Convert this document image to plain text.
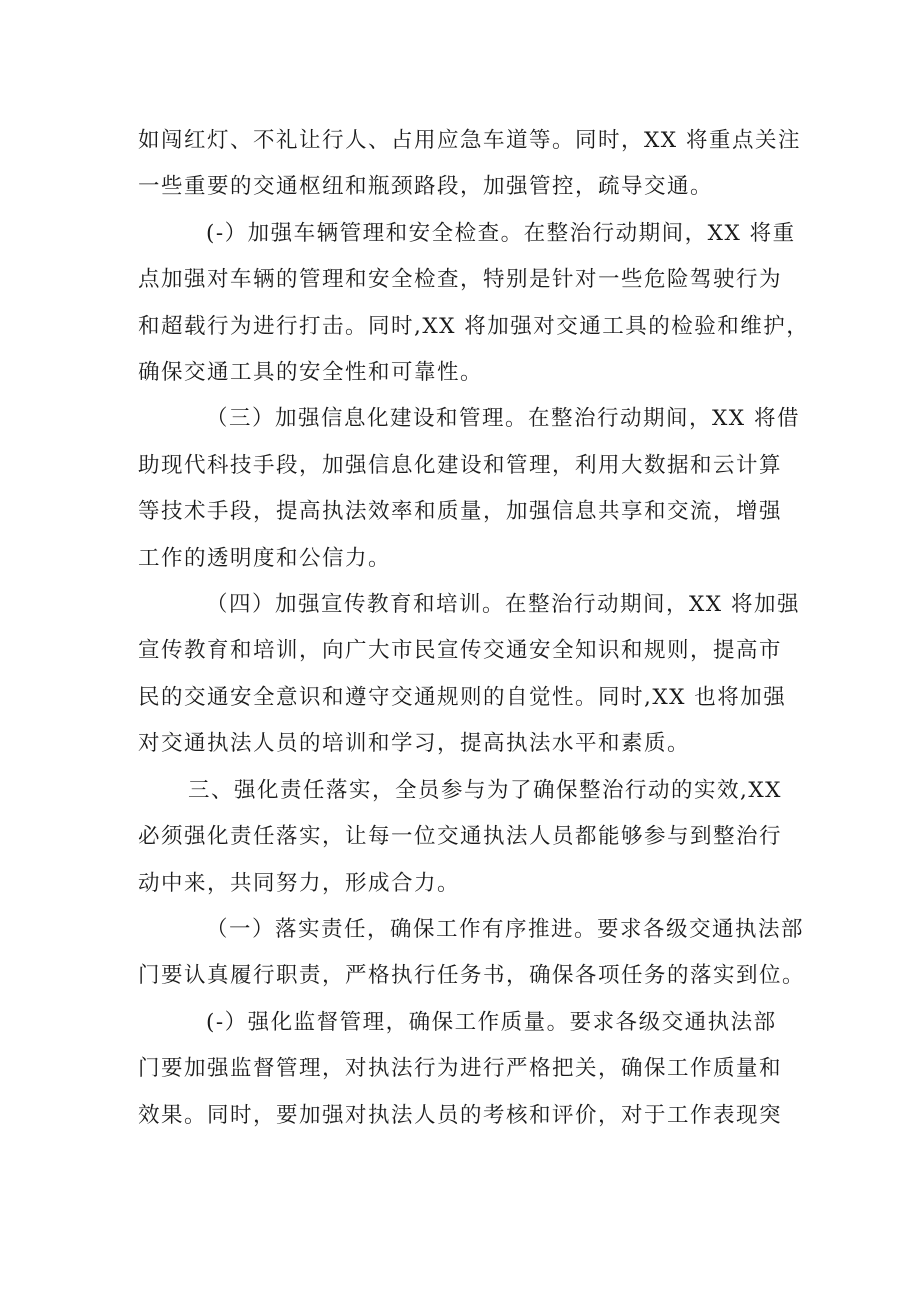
如闯红灯、不礼让行人、占用应急车道等。同时，XX 将重点关注
一些重要的交通枢纽和瓶颈路段，加强管控，疏导交通。
(-）加强车辆管理和安全检查。在整治行动期间，XX 将重
点加强对车辆的管理和安全检查，特别是针对一些危险驾驶行为
和超载行为进行打击。同时,XX 将加强对交通工具的检验和维护，
确保交通工具的安全性和可靠性。
（三）加强信息化建设和管理。在整治行动期间，XX 将借
助现代科技手段，加强信息化建设和管理，利用大数据和云计算
等技术手段，提高执法效率和质量，加强信息共享和交流，增强
工作的透明度和公信力。
（四）加强宣传教育和培训。在整治行动期间，XX 将加强
宣传教育和培训，向广大市民宣传交通安全知识和规则，提高市
民的交通安全意识和遵守交通规则的自觉性。同时,XX 也将加强
对交通执法人员的培训和学习，提高执法水平和素质。
三、强化责任落实，全员参与为了确保整治行动的实效,XX
必须强化责任落实，让每一位交通执法人员都能够参与到整治行
动中来，共同努力，形成合力。
（一）落实责任，确保工作有序推进。要求各级交通执法部
门要认真履行职责，严格执行任务书，确保各项任务的落实到位。
(-）强化监督管理，确保工作质量。要求各级交通执法部
门要加强监督管理，对执法行为进行严格把关，确保工作质量和
效果。同时，要加强对执法人员的考核和评价，对于工作表现突
